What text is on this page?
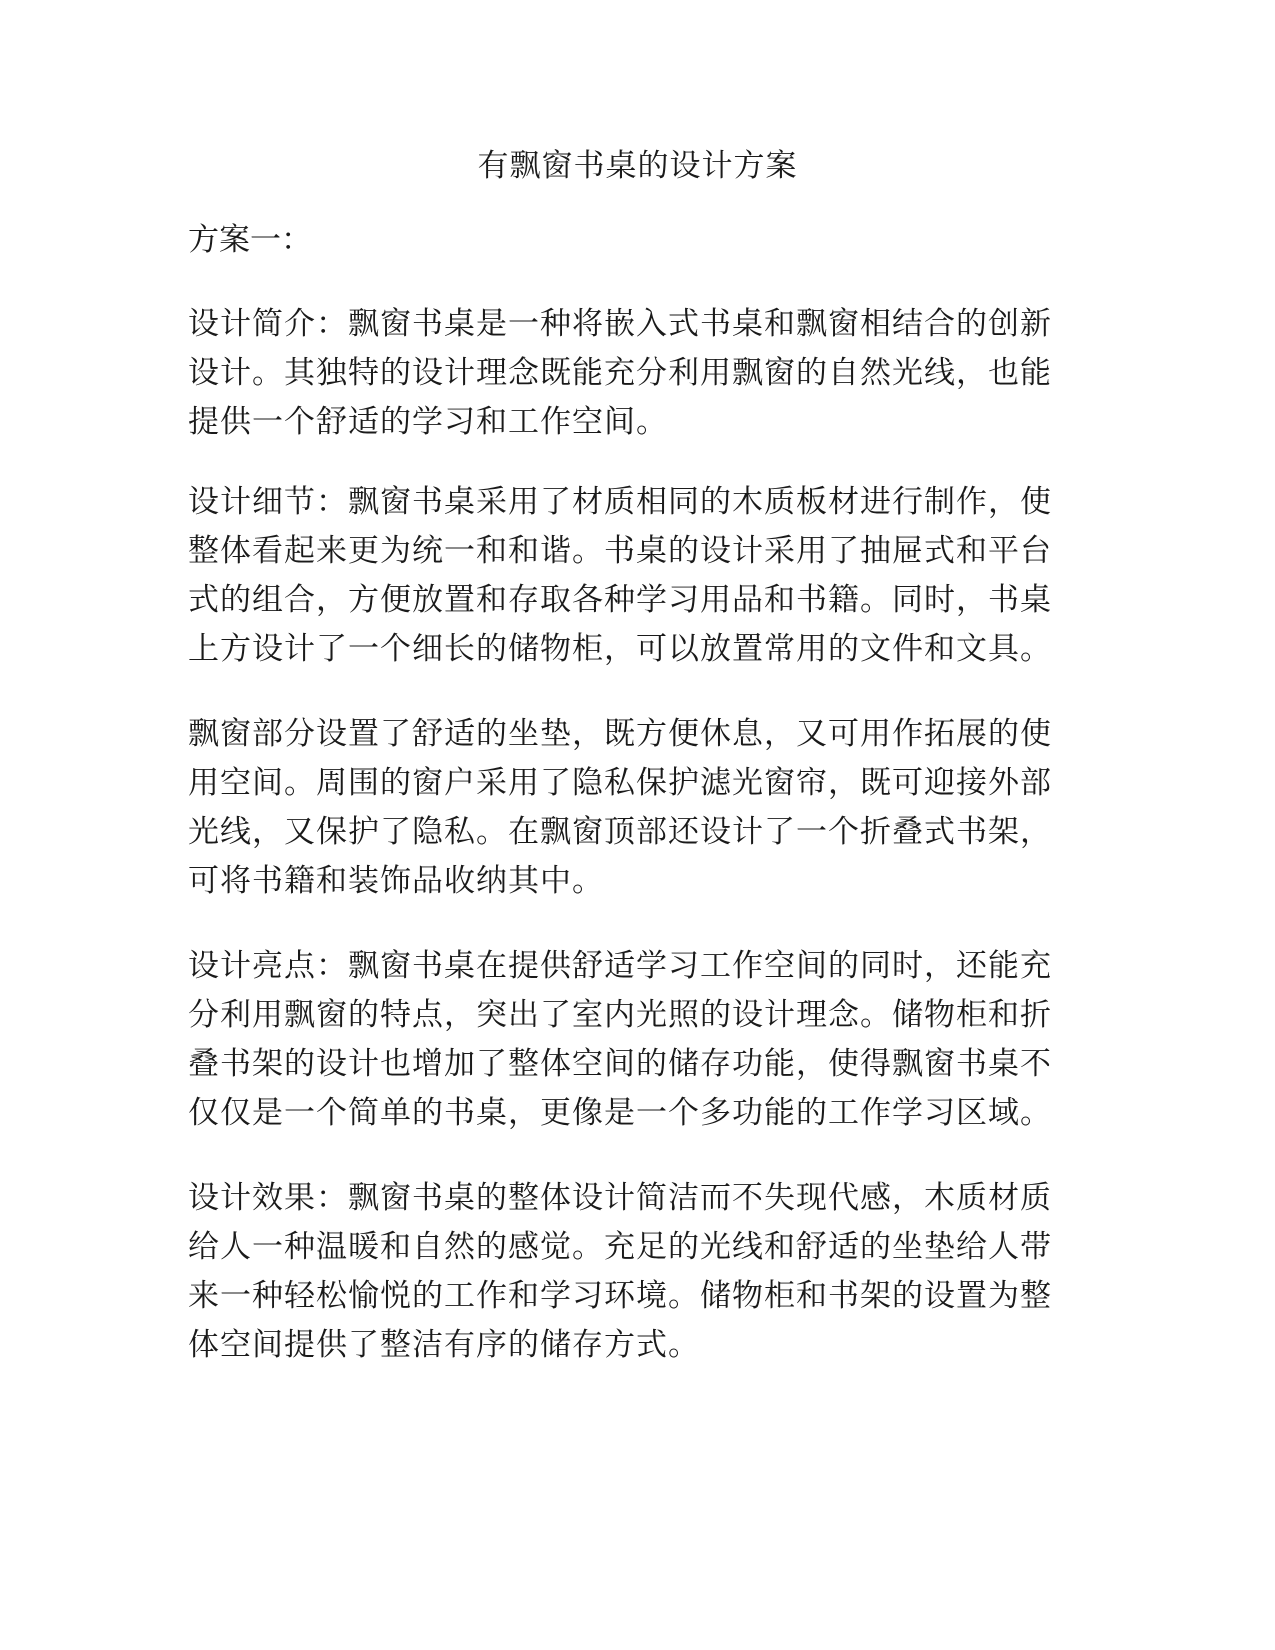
有飘窗书桌的设计方案
方案一：

设计简介：飘窗书桌是一种将嵌入式书桌和飘窗相结合的创新
设计。其独特的设计理念既能充分利用飘窗的自然光线，也能
提供一个舒适的学习和工作空间。

设计细节：飘窗书桌采用了材质相同的木质板材进行制作，使
整体看起来更为统一和和谐。书桌的设计采用了抽屉式和平台
式的组合，方便放置和存取各种学习用品和书籍。同时，书桌
上方设计了一个细长的储物柜，可以放置常用的文件和文具。

飘窗部分设置了舒适的坐垫，既方便休息，又可用作拓展的使
用空间。周围的窗户采用了隐私保护滤光窗帘，既可迎接外部
光线，又保护了隐私。在飘窗顶部还设计了一个折叠式书架，
可将书籍和装饰品收纳其中。

设计亮点：飘窗书桌在提供舒适学习工作空间的同时，还能充
分利用飘窗的特点，突出了室内光照的设计理念。储物柜和折
叠书架的设计也增加了整体空间的储存功能，使得飘窗书桌不
仅仅是一个简单的书桌，更像是一个多功能的工作学习区域。

设计效果：飘窗书桌的整体设计简洁而不失现代感，木质材质
给人一种温暖和自然的感觉。充足的光线和舒适的坐垫给人带
来一种轻松愉悦的工作和学习环境。储物柜和书架的设置为整
体空间提供了整洁有序的储存方式。
